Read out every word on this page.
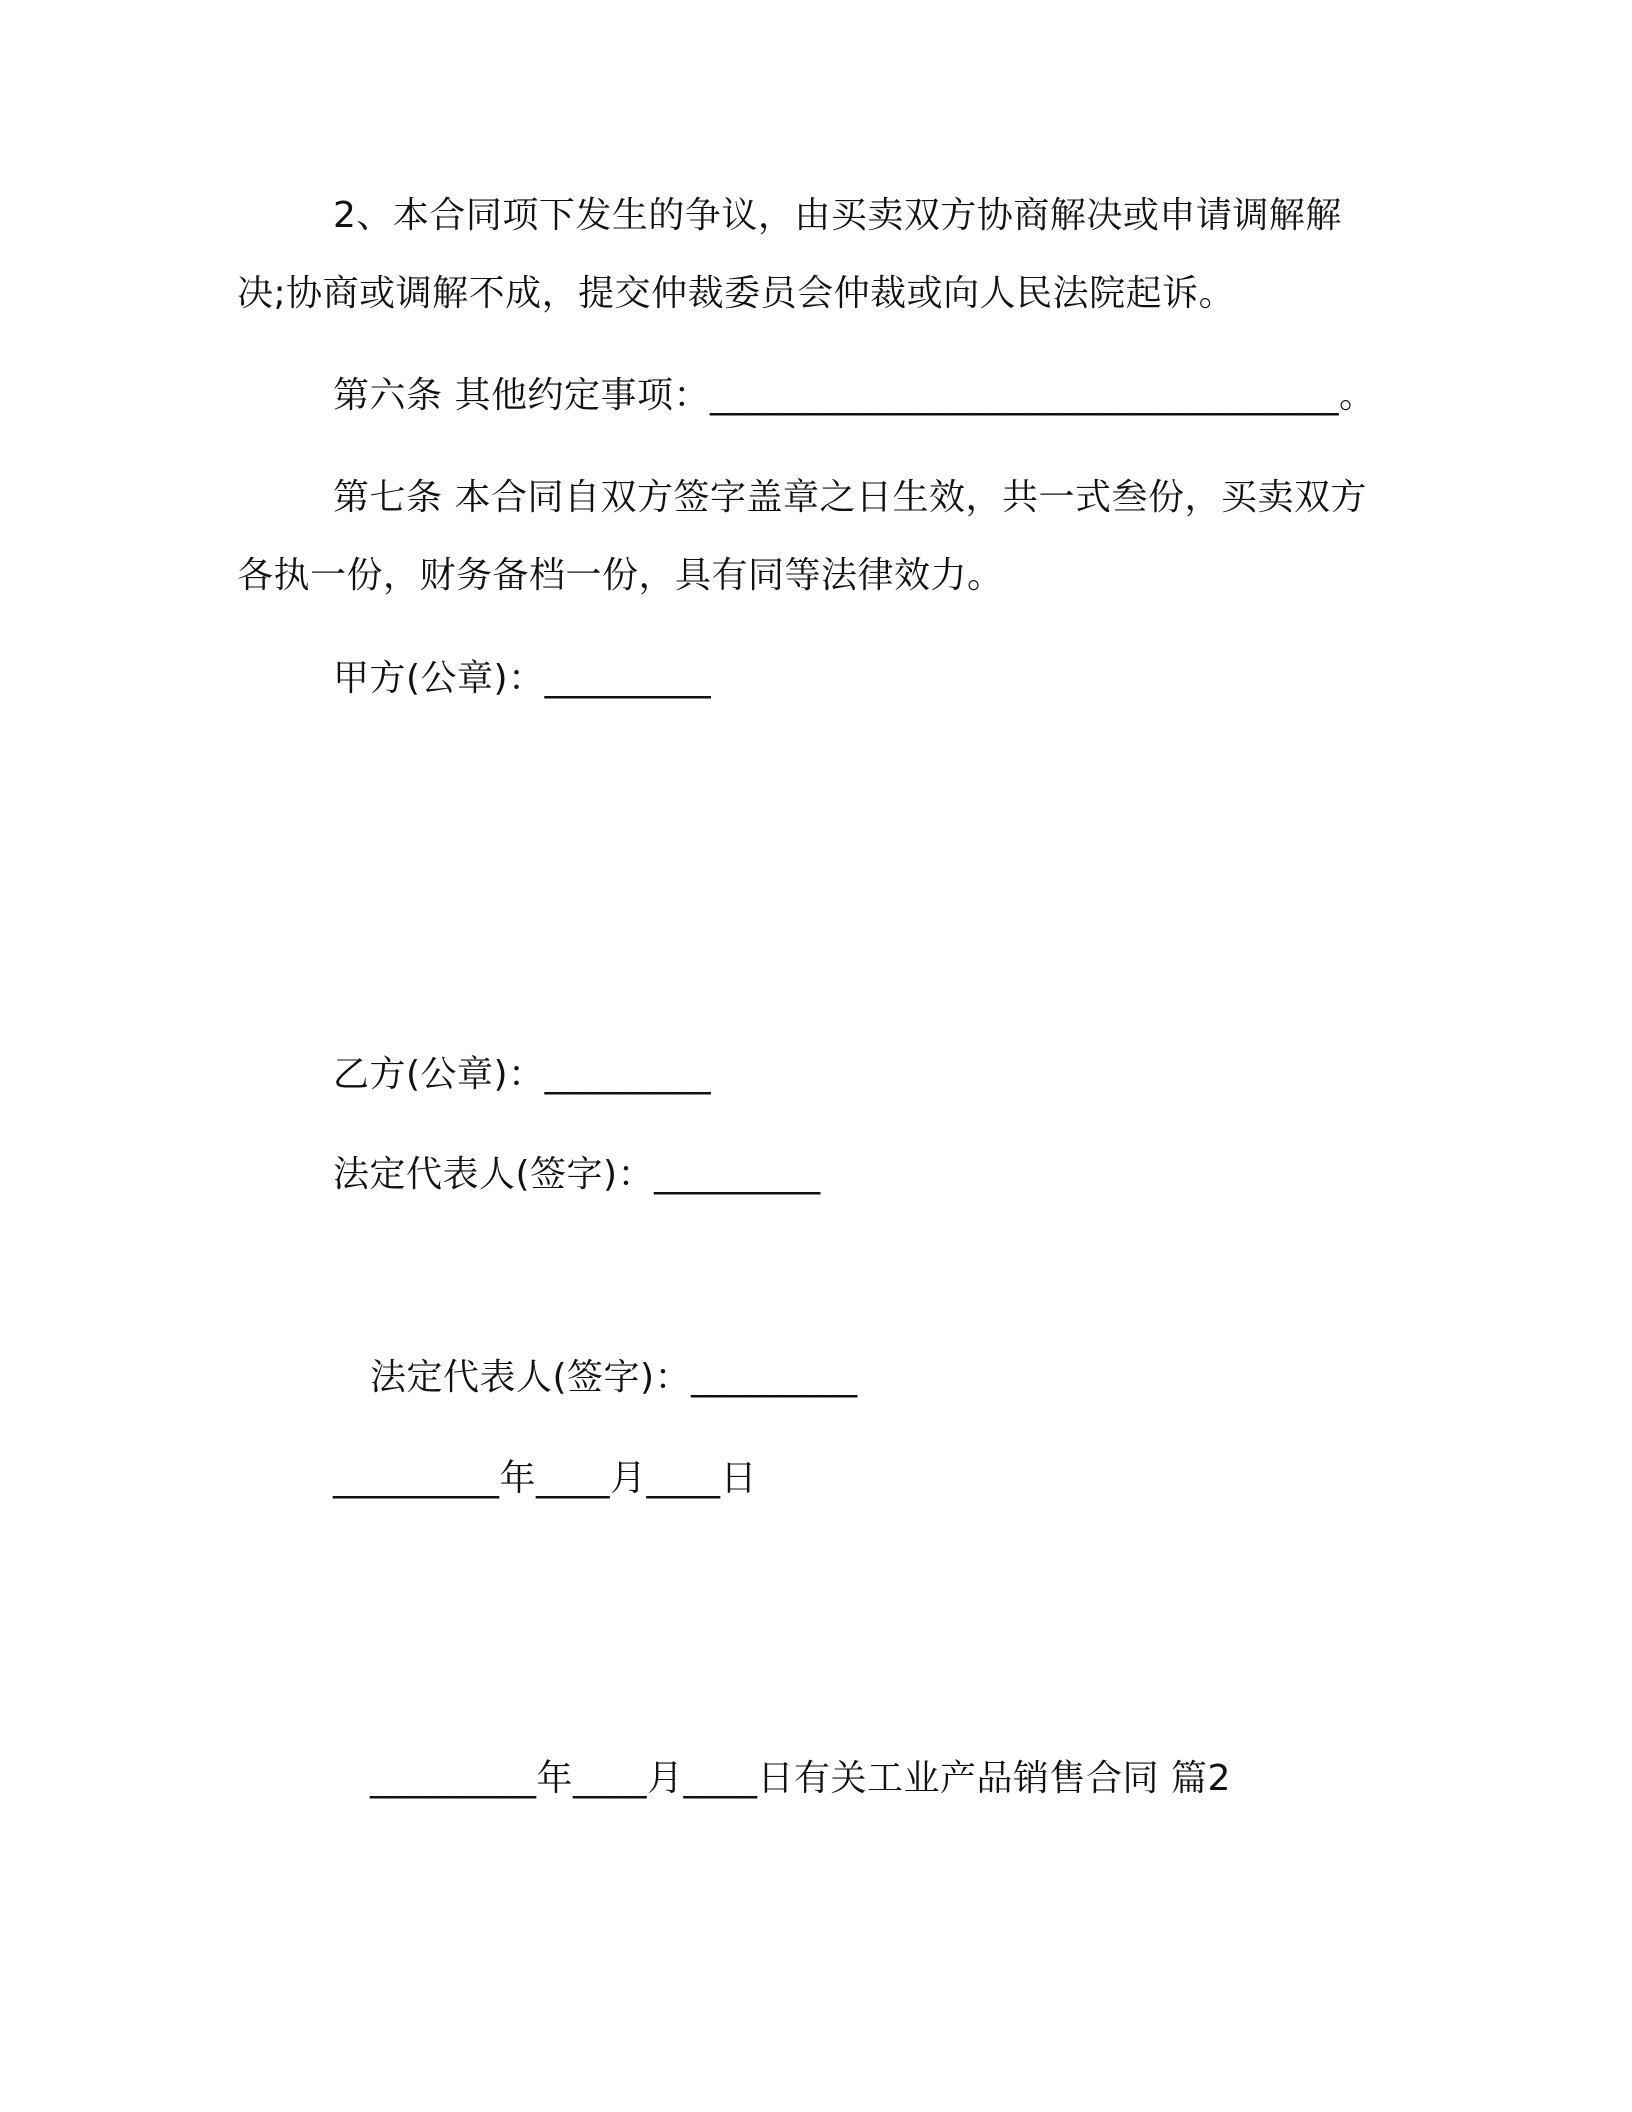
2、本合同项下发生的争议，由买卖双方协商解决或申请调解解
决;协商或调解不成，提交仲裁委员会仲裁或向人民法院起诉。
第六条 其他约定事项：__________________________________。
第七条 本合同自双方签字盖章之日生效，共一式叁份，买卖双方
各执一份，财务备档一份，具有同等法律效力。
甲方(公章)：_________
乙方(公章)：_________
法定代表人(签字)：_________
法定代表人(签字)：_________
_________年____月____日
_________年____月____日有关工业产品销售合同 篇2
